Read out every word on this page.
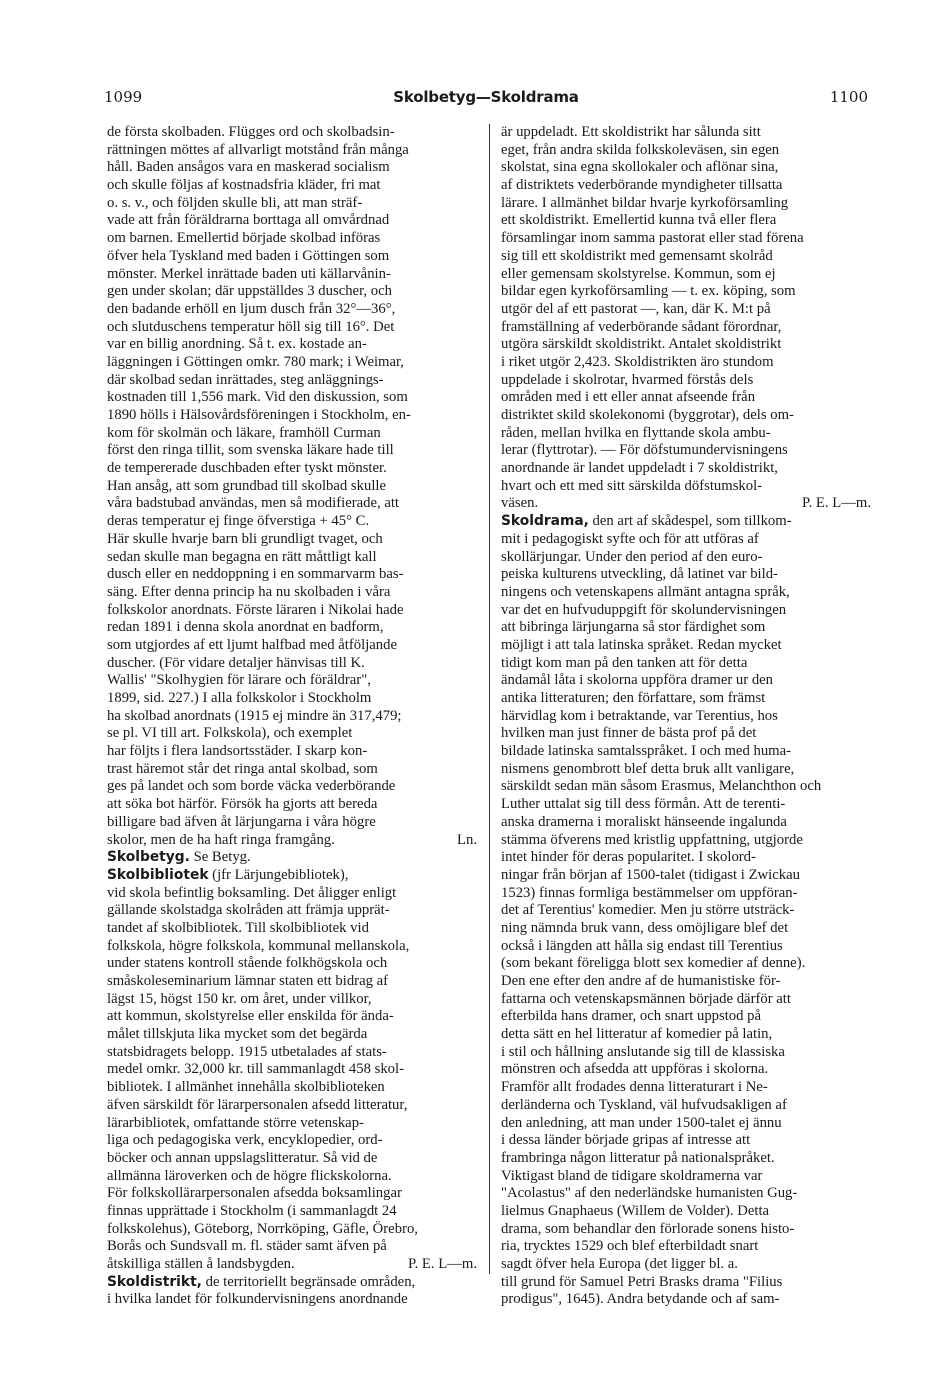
1099	Skolbetyg—Skoldrama	1100
de första skolbaden. Flügges ord och skolbadsin-
rättningen möttes af allvarligt motstånd från många
håll. Baden ansågos vara en maskerad socialism
och skulle följas af kostnadsfria kläder, fri mat
o. s. v., och följden skulle bli, att man sträf-
vade att från föräldrarna borttaga all omvårdnad
om barnen. Emellertid började skolbad införas
öfver hela Tyskland med baden i Göttingen som
mönster. Merkel inrättade baden uti källarvånin-
gen under skolan; där uppställdes 3 duscher, och
den badande erhöll en ljum dusch från 32°—36°,
och slutduschens temperatur höll sig till 16°. Det
var en billig anordning. Så t. ex. kostade an-
läggningen i Göttingen omkr. 780 mark; i Weimar,
där skolbad sedan inrättades, steg anläggnings-
kostnaden till 1,556 mark. Vid den diskussion, som
1890 hölls i Hälsovårdsföreningen i Stockholm, en-
kom för skolmän och läkare, framhöll Curman
först den ringa tillit, som svenska läkare hade till
de tempererade duschbaden efter tyskt mönster.
Han ansåg, att som grundbad till skolbad skulle
våra badstubad användas, men så modifierade, att
deras temperatur ej finge öfverstiga + 45° C.
Här skulle hvarje barn bli grundligt tvaget, och
sedan skulle man begagna en rätt måttligt kall
dusch eller en neddoppning i en sommarvarm bas-
säng. Efter denna princip ha nu skolbaden i våra
folkskolor anordnats. Förste läraren i Nikolai hade
redan 1891 i denna skola anordnat en badform,
som utgjordes af ett ljumt halfbad med åtföljande
duscher. (För vidare detaljer hänvisas till K.
Wallis' "Skolhygien för lärare och föräldrar",
1899, sid. 227.) I alla folkskolor i Stockholm
ha skolbad anordnats (1915 ej mindre än 317,479;
se pl. VI till art. Folkskola), och exemplet
har följts i flera landsortsstäder. I skarp kon-
trast häremot står det ringa antal skolbad, som
ges på landet och som borde väcka vederbörande
att söka bot härför. Försök ha gjorts att bereda
billigare bad äfven åt lärjungarna i våra högre
skolor, men de ha haft ringa framgång.	Ln.
Skolbetyg. Se Betyg.
Skolbibliotek (jfr Lärjungebibliotek),
vid skola befintlig boksamling. Det åligger enligt
gällande skolstadga skolråden att främja upprät-
tandet af skolbibliotek. Till skolbibliotek vid
folkskola, högre folkskola, kommunal mellanskola,
under statens kontroll stående folkhögskola och
småskoleseminarium lämnar staten ett bidrag af
lägst 15, högst 150 kr. om året, under villkor,
att kommun, skolstyrelse eller enskilda för ända-
målet tillskjuta lika mycket som det begärda
statsbidragets belopp. 1915 utbetalades af stats-
medel omkr. 32,000 kr. till sammanlagdt 458 skol-
bibliotek. I allmänhet innehålla skolbiblioteken
äfven särskildt för lärarpersonalen afsedd litteratur,
lärarbibliotek, omfattande större vetenskap-
liga och pedagogiska verk, encyklopedier, ord-
böcker och annan uppslagslitteratur. Så vid de
allmänna läroverken och de högre flickskolorna.
För folkskollärarpersonalen afsedda boksamlingar
finnas upprättade i Stockholm (i sammanlagdt 24
folkskolehus), Göteborg, Norrköping, Gäfle, Örebro,
Borås och Sundsvall m. fl. städer samt äfven på
åtskilliga ställen å landsbygden.	P. E. L—m.
Skoldistrikt, de territoriellt begränsade områden,
i hvilka landet för folkundervisningens anordnande
är uppdeladt. Ett skoldistrikt har sålunda sitt
eget, från andra skilda folkskoleväsen, sin egen
skolstat, sina egna skollokaler och aflönar sina,
af distriktets vederbörande myndigheter tillsatta
lärare. I allmänhet bildar hvarje kyrkoförsamling
ett skoldistrikt. Emellertid kunna två eller flera
församlingar inom samma pastorat eller stad förena
sig till ett skoldistrikt med gemensamt skolråd
eller gemensam skolstyrelse. Kommun, som ej
bildar egen kyrkoförsamling — t. ex. köping, som
utgör del af ett pastorat —, kan, där K. M:t på
framställning af vederbörande sådant förordnar,
utgöra särskildt skoldistrikt. Antalet skoldistrikt
i riket utgör 2,423. Skoldistrikten äro stundom
uppdelade i skolrotar, hvarmed förstås dels
områden med i ett eller annat afseende från
distriktet skild skolekonomi (byggrotar), dels om-
råden, mellan hvilka en flyttande skola ambu-
lerar (flyttrotar). — För döfstumundervisningens
anordnande är landet uppdeladt i 7 skoldistrikt,
hvart och ett med sitt särskilda döfstumskol-
väsen.	P. E. L—m.
Skoldrama, den art af skådespel, som tillkom-
mit i pedagogiskt syfte och för att utföras af
skollärjungar. Under den period af den euro-
peiska kulturens utveckling, då latinet var bild-
ningens och vetenskapens allmänt antagna språk,
var det en hufvuduppgift för skolundervisningen
att bibringa lärjungarna så stor färdighet som
möjligt i att tala latinska språket. Redan mycket
tidigt kom man på den tanken att för detta
ändamål låta i skolorna uppföra dramer ur den
antika litteraturen; den författare, som främst
härvidlag kom i betraktande, var Terentius, hos
hvilken man just finner de bästa prof på det
bildade latinska samtalsspråket. I och med huma-
nismens genombrott blef detta bruk allt vanligare,
särskildt sedan män såsom Erasmus, Melanchthon och
Luther uttalat sig till dess förmån. Att de terenti-
anska dramerna i moraliskt hänseende ingalunda
stämma öfverens med kristlig uppfattning, utgjorde
intet hinder för deras popularitet. I skolord-
ningar från början af 1500-talet (tidigast i Zwickau
1523) finnas formliga bestämmelser om uppföran-
det af Terentius' komedier. Men ju större utsträck-
ning nämnda bruk vann, dess omöjligare blef det
också i längden att hålla sig endast till Terentius
(som bekant föreligga blott sex komedier af denne).
Den ene efter den andre af de humanistiske för-
fattarna och vetenskapsmännen började därför att
efterbilda hans dramer, och snart uppstod på
detta sätt en hel litteratur af komedier på latin,
i stil och hållning anslutande sig till de klassiska
mönstren och afsedda att uppföras i skolorna.
Framför allt frodades denna litteraturart i Ne-
derländerna och Tyskland, väl hufvudsakligen af
den anledning, att man under 1500-talet ej ännu
i dessa länder började gripas af intresse att
frambringa någon litteratur på nationalspråket.
Viktigast bland de tidigare skoldramerna var
"Acolastus" af den nederländske humanisten Gug-
lielmus Gnaphaeus (Willem de Volder). Detta
drama, som behandlar den förlorade sonens histo-
ria, trycktes 1529 och blef efterbildadt snart
sagdt öfver hela Europa (det ligger bl. a.
till grund för Samuel Petri Brasks drama "Filius
prodigus", 1645). Andra betydande och af sam-
